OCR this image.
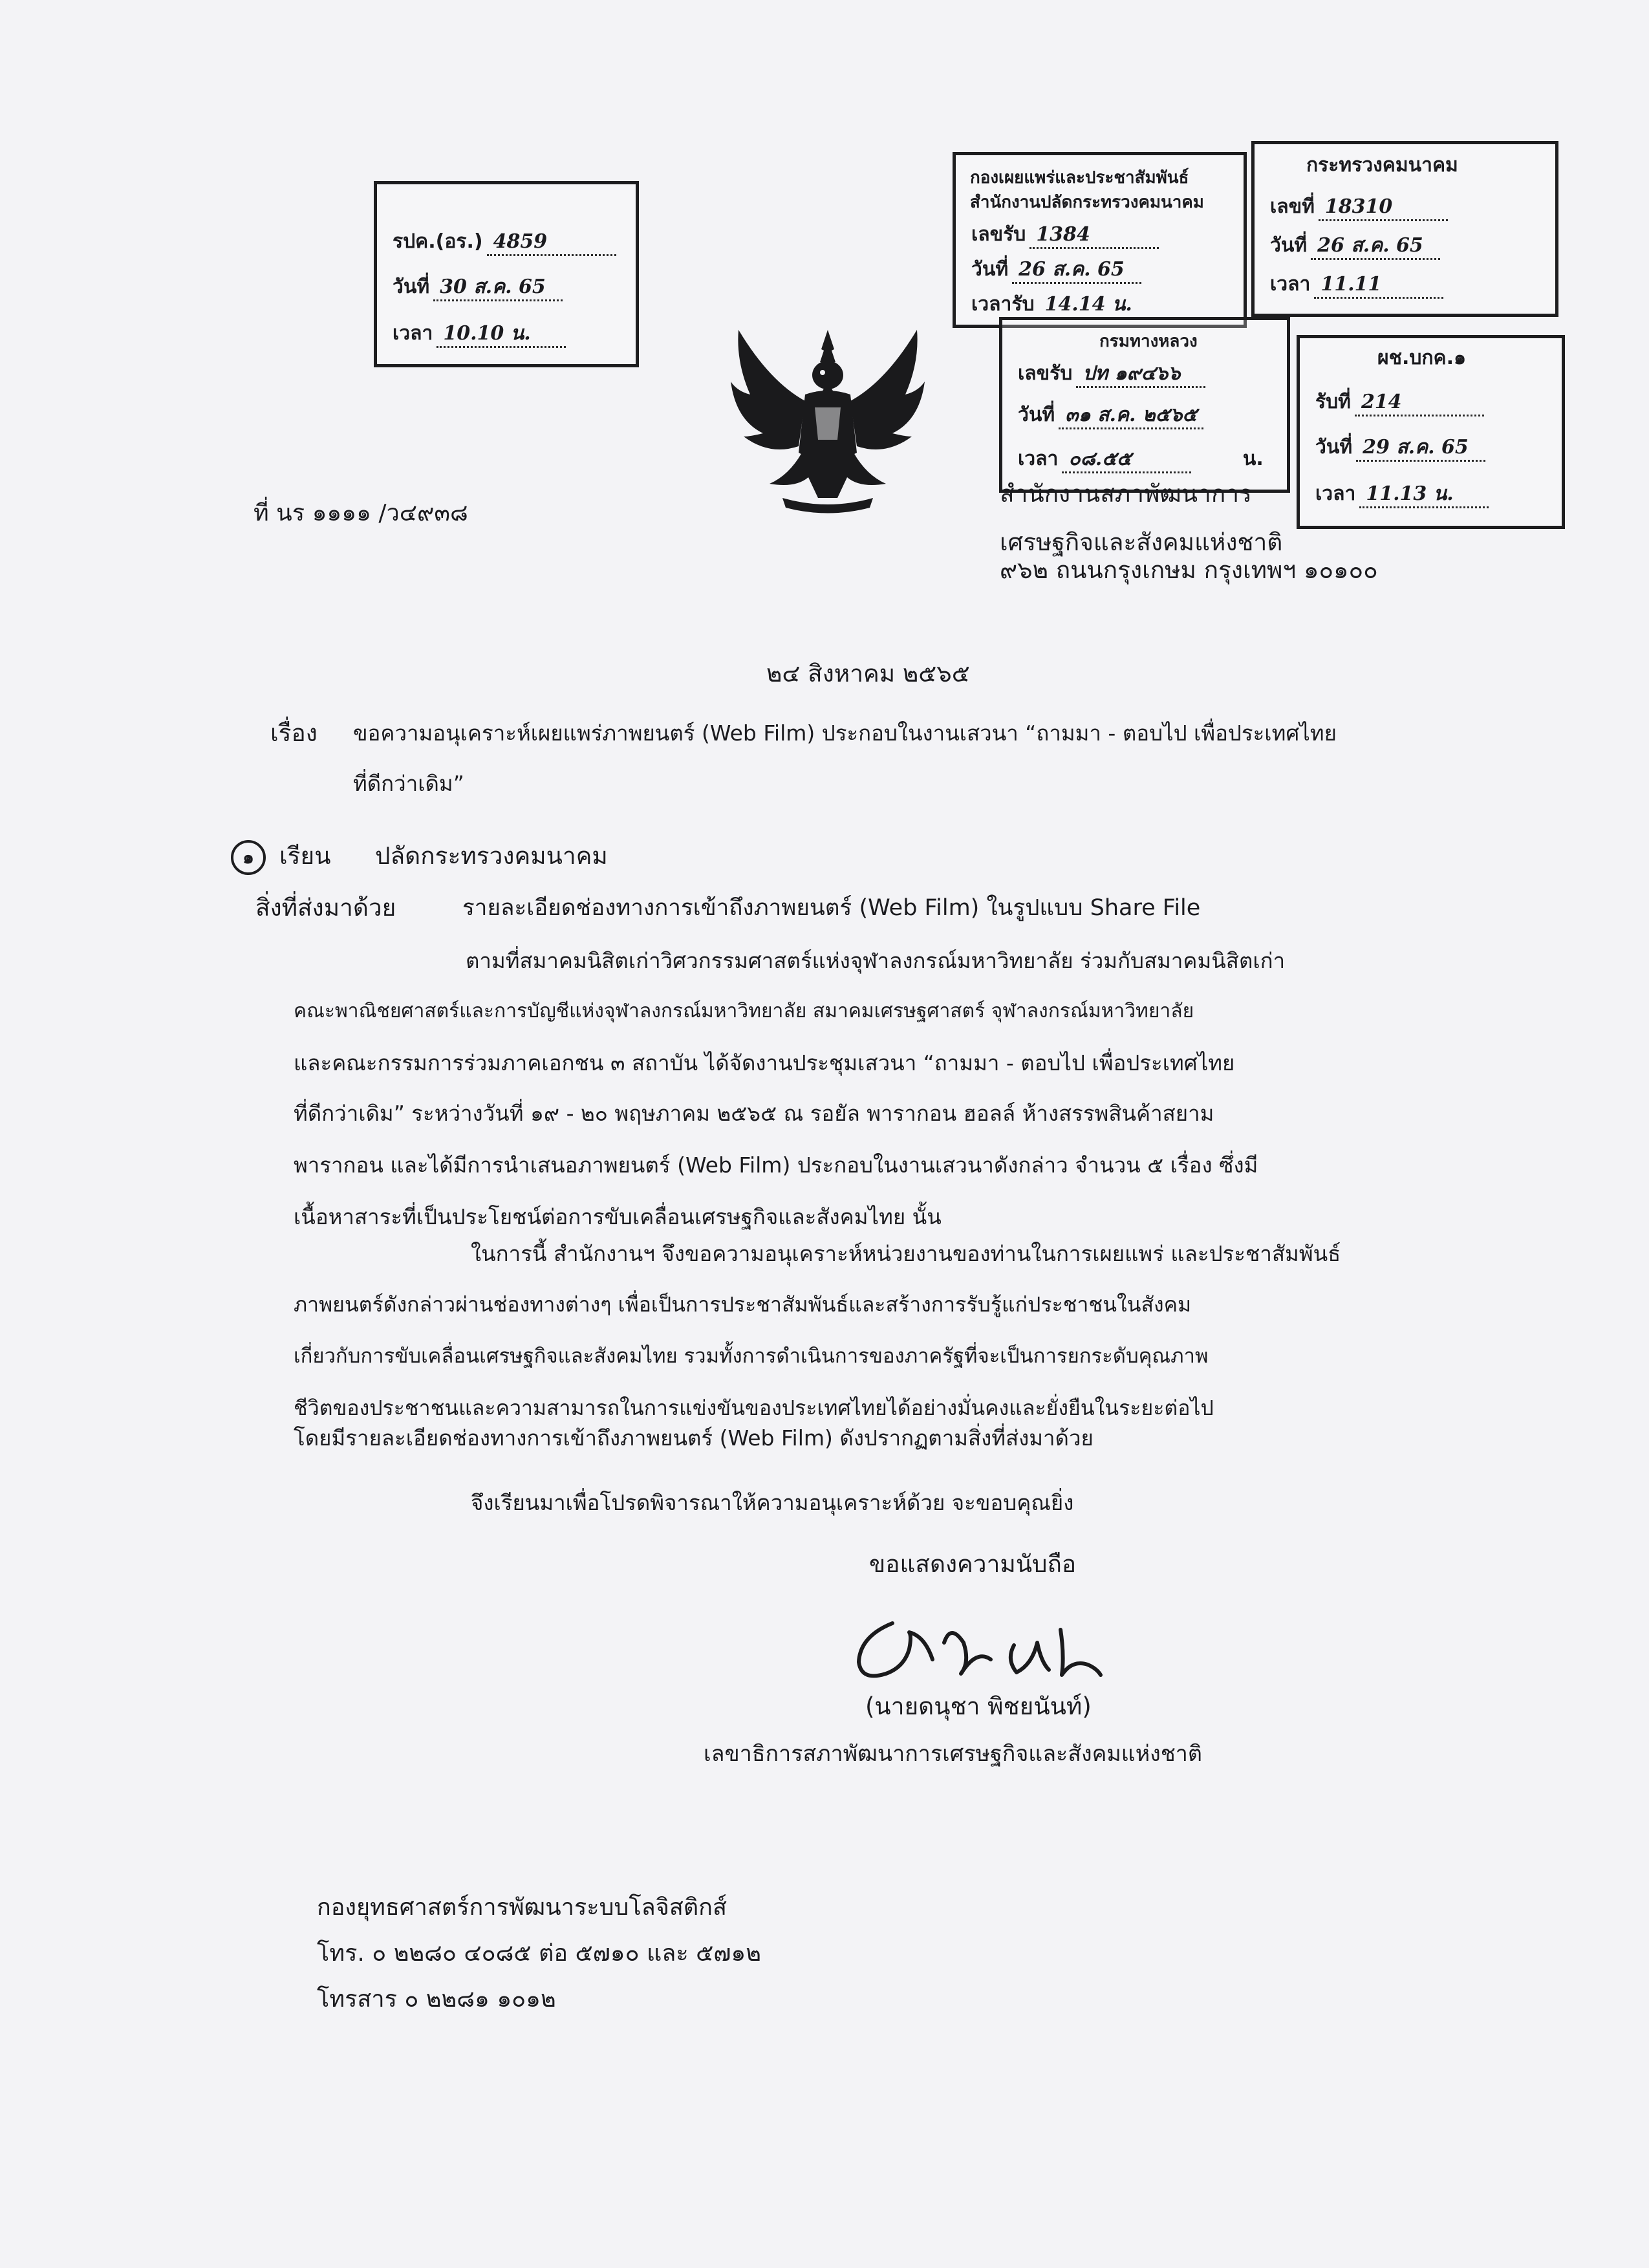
รปค.(อร.) 4859
วันที่ 30 ส.ค. 65
เวลา 10.10 น.
กองเผยแพร่และประชาสัมพันธ์
สำนักงานปลัดกระทรวงคมนาคม
เลขรับ 1384
วันที่ 26 ส.ค. 65
เวลารับ 14.14 น.
กระทรวงคมนาคม
เลขที่ 18310
วันที่ 26 ส.ค. 65
เวลา 11.11
กรมทางหลวง
เลขรับ ปท ๑๙๔๖๖
วันที่ ๓๑ ส.ค. ๒๕๖๕
เวลา ๐๘.๕๕	น.
ผช.บกค.๑
รับที่ 214
วันที่ 29 ส.ค. 65
เวลา 11.13 น.
ที่ นร ๑๑๑๑ /ว๔๙๓๘
สำนักงานสภาพัฒนาการ
เศรษฐกิจและสังคมแห่งชาติ
๙๖๒ ถนนกรุงเกษม กรุงเทพฯ ๑๐๑๐๐
๒๔ สิงหาคม ๒๕๖๕
เรื่อง ขอความอนุเคราะห์เผยแพร่ภาพยนตร์ (Web Film) ประกอบในงานเสวนา “ถามมา - ตอบไป เพื่อประเทศไทย
ที่ดีกว่าเดิม”
๑	เรียน ปลัดกระทรวงคมนาคม
สิ่งที่ส่งมาด้วย	รายละเอียดช่องทางการเข้าถึงภาพยนตร์ (Web Film) ในรูปแบบ Share File
ตามที่สมาคมนิสิตเก่าวิศวกรรมศาสตร์แห่งจุฬาลงกรณ์มหาวิทยาลัย ร่วมกับสมาคมนิสิตเก่า
คณะพาณิชยศาสตร์และการบัญชีแห่งจุฬาลงกรณ์มหาวิทยาลัย สมาคมเศรษฐศาสตร์ จุฬาลงกรณ์มหาวิทยาลัย
และคณะกรรมการร่วมภาคเอกชน ๓ สถาบัน ได้จัดงานประชุมเสวนา “ถามมา - ตอบไป เพื่อประเทศไทย
ที่ดีกว่าเดิม” ระหว่างวันที่ ๑๙ - ๒๐ พฤษภาคม ๒๕๖๕ ณ รอยัล พารากอน ฮอลล์ ห้างสรรพสินค้าสยาม
พารากอน และได้มีการนำเสนอภาพยนตร์ (Web Film) ประกอบในงานเสวนาดังกล่าว จำนวน ๕ เรื่อง ซึ่งมี
เนื้อหาสาระที่เป็นประโยชน์ต่อการขับเคลื่อนเศรษฐกิจและสังคมไทย นั้น
ในการนี้ สำนักงานฯ จึงขอความอนุเคราะห์หน่วยงานของท่านในการเผยแพร่ และประชาสัมพันธ์
ภาพยนตร์ดังกล่าวผ่านช่องทางต่างๆ เพื่อเป็นการประชาสัมพันธ์และสร้างการรับรู้แก่ประชาชนในสังคม
เกี่ยวกับการขับเคลื่อนเศรษฐกิจและสังคมไทย รวมทั้งการดำเนินการของภาครัฐที่จะเป็นการยกระดับคุณภาพ
ชีวิตของประชาชนและความสามารถในการแข่งขันของประเทศไทยได้อย่างมั่นคงและยั่งยืนในระยะต่อไป
โดยมีรายละเอียดช่องทางการเข้าถึงภาพยนตร์ (Web Film) ดังปรากฏตามสิ่งที่ส่งมาด้วย
จึงเรียนมาเพื่อโปรดพิจารณาให้ความอนุเคราะห์ด้วย จะขอบคุณยิ่ง
ขอแสดงความนับถือ
(นายดนุชา พิชยนันท์)
เลขาธิการสภาพัฒนาการเศรษฐกิจและสังคมแห่งชาติ
กองยุทธศาสตร์การพัฒนาระบบโลจิสติกส์
โทร. ๐ ๒๒๘๐ ๔๐๘๕ ต่อ ๕๗๑๐ และ ๕๗๑๒
โทรสาร ๐ ๒๒๘๑ ๑๐๑๒
